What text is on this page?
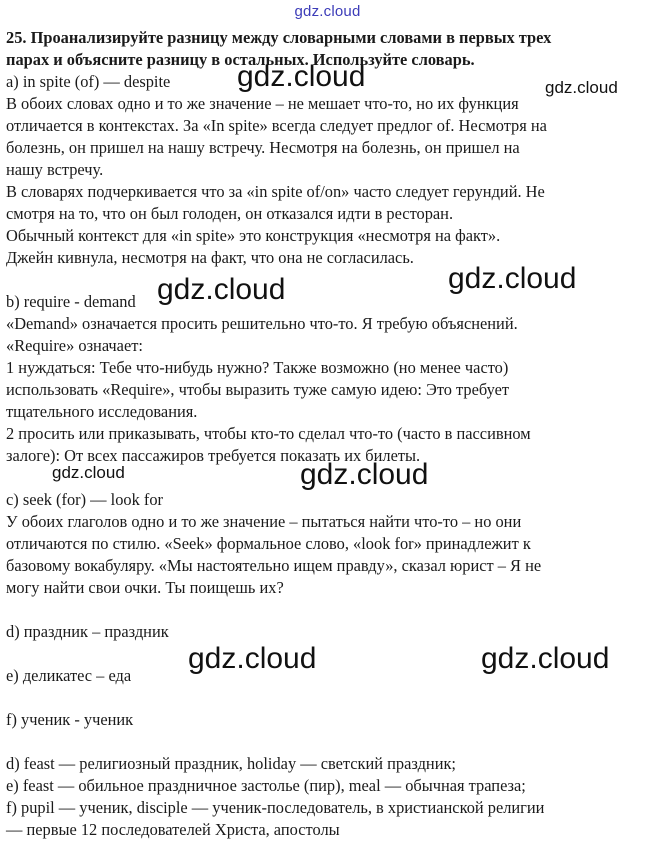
gdz.cloud
25. Проанализируйте разницу между словарными словами в первых трех
парах и объясните разницу в остальных. Используйте словарь.
a) in spite (of) — despite
В обоих словах одно и то же значение – не мешает что-то, но их функция
отличается в контекстах. За «In spite» всегда следует предлог of. Несмотря на
болезнь, он пришел на нашу встречу. Несмотря на болезнь, он пришел на
нашу встречу.
В словарях подчеркивается что за «in spite of/on» часто следует герундий. Не
смотря на то, что он был голоден, он отказался идти в ресторан.
Обычный контекст для «in spite» это конструкция «несмотря на факт».
Джейн кивнула, несмотря на факт, что она не согласилась.
b) require - demand
«Demand» означается просить решительно что-то. Я требую объяснений.
«Require» означает:
1 нуждаться: Тебе что-нибудь нужно? Также возможно (но менее часто)
использовать «Require», чтобы выразить туже самую идею: Это требует
тщательного исследования.
2 просить или приказывать, чтобы кто-то сделал что-то (часто в пассивном
залоге): От всех пассажиров требуется показать их билеты.
c) seek (for) — look for
У обоих глаголов одно и то же значение – пытаться найти что-то – но они
отличаются по стилю. «Seek» формальное слово, «look for» принадлежит к
базовому вокабуляру. «Мы настоятельно ищем правду», сказал юрист – Я не
могу найти свои очки. Ты поищешь их?
d) праздник – праздник
e) деликатес – еда
f) ученик - ученик
d) feast — религиозный праздник, holiday — светский праздник;
e) feast — обильное праздничное застолье (пир), meal — обычная трапеза;
f) pupil — ученик, disciple — ученик-последователь, в христианской религии
— первые 12 последователей Христа, апостолы
gdz.cloud	gdz.cloud
gdz.cloud
gdz.cloud
gdz.cloud	gdz.cloud
gdz.cloud	gdz.cloud
